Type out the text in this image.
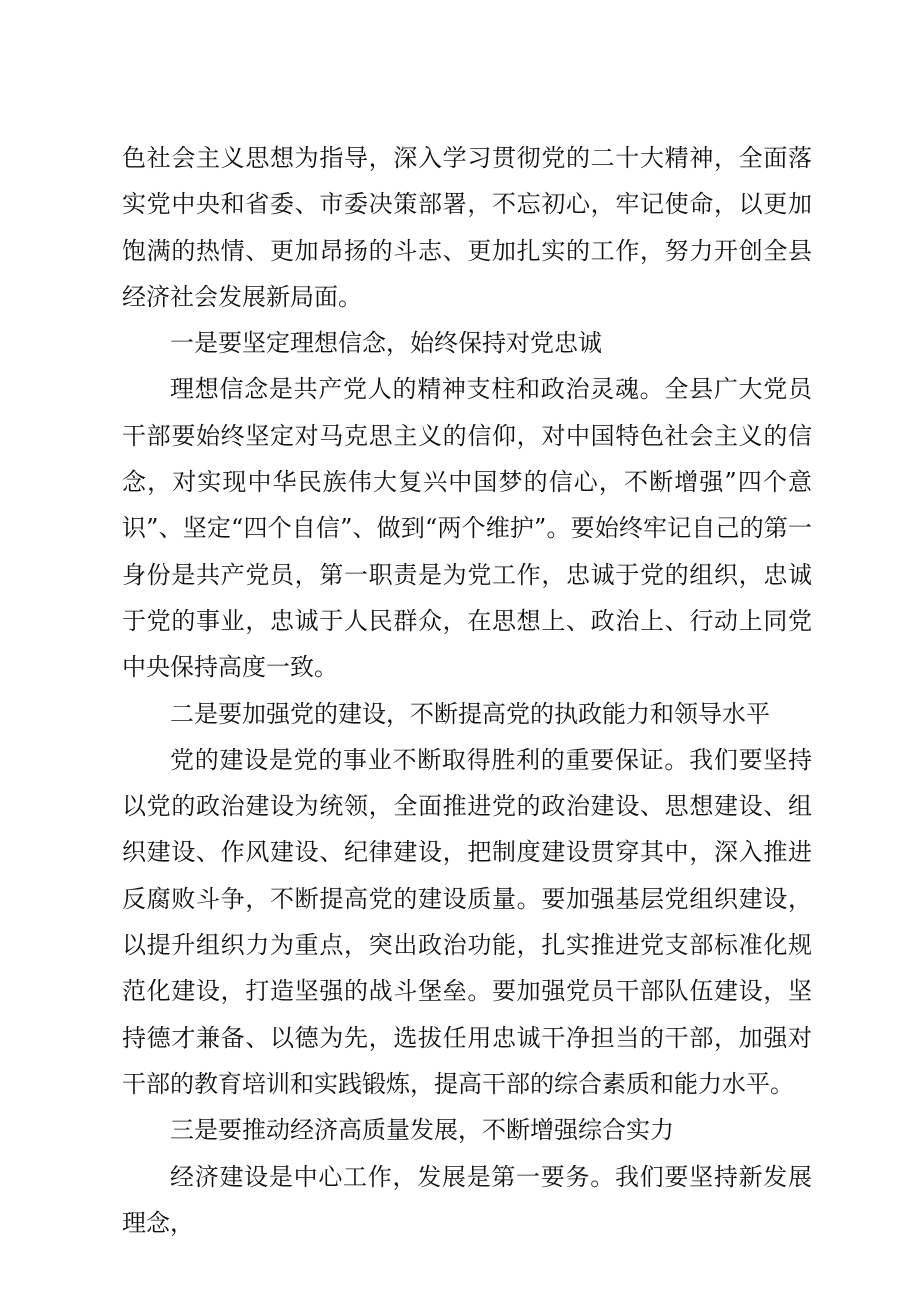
色社会主义思想为指导，深入学习贯彻党的二十大精神，全面落实党中央和省委、市委决策部署，不忘初心，牢记使命，以更加饱满的热情、更加昂扬的斗志、更加扎实的工作，努力开创全县经济社会发展新局面。

一是要坚定理想信念，始终保持对党忠诚

理想信念是共产党人的精神支柱和政治灵魂。全县广大党员干部要始终坚定对马克思主义的信仰，对中国特色社会主义的信念，对实现中华民族伟大复兴中国梦的信心，不断增强”四个意识”、坚定“四个自信”、做到“两个维护”。要始终牢记自己的第一身份是共产党员，第一职责是为党工作，忠诚于党的组织，忠诚于党的事业，忠诚于人民群众，在思想上、政治上、行动上同党中央保持高度一致。

二是要加强党的建设，不断提高党的执政能力和领导水平

党的建设是党的事业不断取得胜利的重要保证。我们要坚持以党的政治建设为统领，全面推进党的政治建设、思想建设、组织建设、作风建设、纪律建设，把制度建设贯穿其中，深入推进反腐败斗争，不断提高党的建设质量。要加强基层党组织建设，以提升组织力为重点，突出政治功能，扎实推进党支部标准化规范化建设，打造坚强的战斗堡垒。要加强党员干部队伍建设，坚持德才兼备、以德为先，选拔任用忠诚干净担当的干部，加强对干部的教育培训和实践锻炼，提高干部的综合素质和能力水平。

三是要推动经济高质量发展，不断增强综合实力

经济建设是中心工作，发展是第一要务。我们要坚持新发展理念，
